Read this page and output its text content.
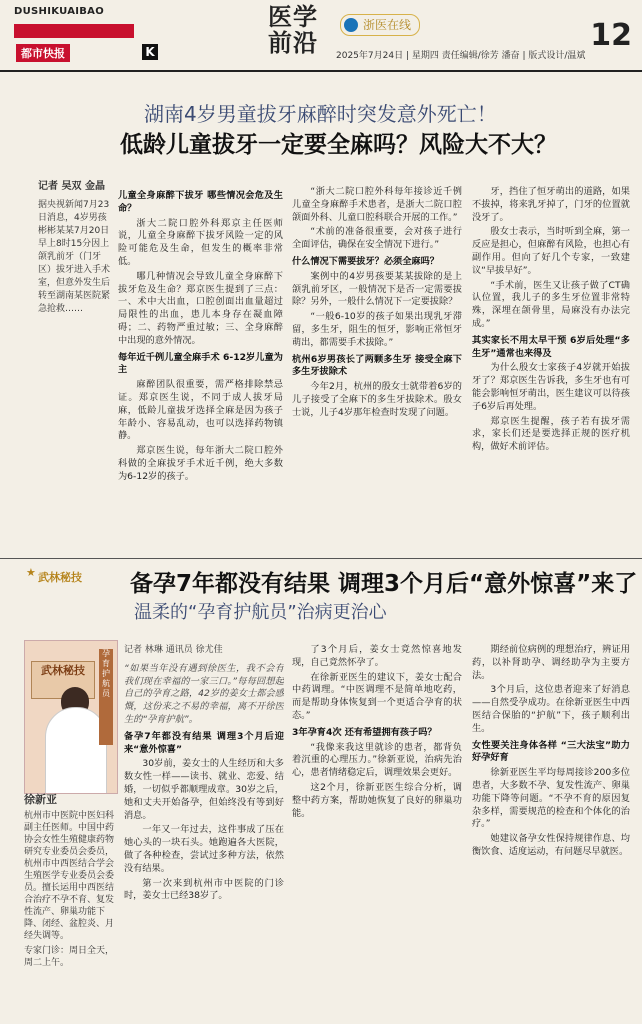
DUSHIKUAIBAO
都市快报	K
医学前沿
浙医在线
2025年7月24日 | 星期四 责任编辑/徐芳 潘奋 | 版式设计/温斌
12
湖南4岁男童拔牙麻醉时突发意外死亡！
低龄儿童拔牙一定要全麻吗？风险大不大？
记者 吴双 金晶
据央视新闻7月23日消息，4岁男孩彬彬某某7月20日早上8时15分因上颌乳前牙（门牙区）拔牙进入手术室，但意外发生后转至湖南某医院紧急抢救……
儿童全身麻醉下拔牙 哪些情况会危及生命？
浙大二院口腔外科郑京主任医师说，儿童全身麻醉下拔牙风险一定的风险可能危及生命，但发生的概率非常低。
哪几种情况会导致儿童全身麻醉下拔牙危及生命？郑京医生提到了三点：一、术中大出血，口腔创面出血量超过局限性的出血，患儿本身存在凝血障碍；二、药物严重过敏；三、全身麻醉中出现的意外情况。
每年近千例儿童全麻手术 6-12岁儿童为主
麻醉团队很重要，需严格排除禁忌证。郑京医生说，不同于成人拔牙局麻，低龄儿童拔牙选择全麻是因为孩子年龄小、容易乱动，也可以选择药物镇静。
郑京医生说，每年浙大二院口腔外科做的全麻拔牙手术近千例，绝大多数为6-12岁的孩子。
“浙大二院口腔外科每年接诊近千例儿童全身麻醉手术患者，是浙大二院口腔颌面外科、儿童口腔科联合开展的工作。”
“术前的准备很重要，会对孩子进行全面评估，确保在安全情况下进行。”
什么情况下需要拔牙？必须全麻吗？
案例中的4岁男孩要某某拔除的是上颌乳前牙区，一般情况下是否一定需要拔除？另外，一般什么情况下一定要拔除？
“一般6-10岁的孩子如果出现乳牙滞留，多生牙，阻生的恒牙，影响正常恒牙萌出，都需要手术拔除。”
杭州6岁男孩长了两颗多生牙 接受全麻下多生牙拔除术
今年2月，杭州的殷女士就带着6岁的儿子接受了全麻下的多生牙拔除术。殷女士说，儿子4岁那年检查时发现了问题。
牙，挡住了恒牙萌出的道路，如果不拔掉，将来乳牙掉了，门牙的位置就没牙了。
殷女士表示，当时听到全麻，第一反应是担心，但麻醉有风险，也担心有副作用。但向了好几个专家，一致建议“早拔早好”。
“手术前，医生又让孩子做了CT确认位置，我儿子的多生牙位置非常特殊，深埋在颌骨里，局麻没有办法完成。”
其实家长不用太早干预 6岁后处理“多生牙”通常也来得及
为什么殷女士家孩子4岁就开始拔牙了？郑京医生告诉我，多生牙也有可能会影响恒牙萌出，医生建议可以待孩子6岁后再处理。
郑京医生提醒，孩子若有拔牙需求，家长们还是要选择正规的医疗机构，做好术前评估。
★ 武林秘技 备孕7年都没有结果 调理3个月后“意外惊喜”来了
温柔的“孕育护航员”治病更治心
武林秘技
孕育护航员
徐新亚
杭州市中医院中医妇科副主任医师。中国中药协会女性生殖健康药物研究专业委员会委员，杭州市中西医结合学会生殖医学专业委员会委员。擅长运用中西医结合治疗不孕不育、复发性流产、卵巢功能下降、闭经、盆腔炎、月经失调等。
专家门诊：周日全天，周二上午。
记者 林琳 通讯员 徐尤佳
“如果当年没有遇到徐医生，我不会有我们现在幸福的一家三口。”每每回想起自己的孕育之路，42岁的姜女士都会感慨，这份来之不易的幸福，离不开徐医生的“孕育护航”。
备孕7年都没有结果 调理3个月后迎来“意外惊喜”
30岁前，姜女士的人生经历和大多数女性一样——读书、就业、恋爱、结婚，一切似乎都顺理成章。30岁之后，她和丈夫开始备孕，但始终没有等到好消息。
一年又一年过去，这件事成了压在她心头的一块石头。她跑遍各大医院，做了各种检查，尝试过多种方法，依然没有结果。
第一次来到杭州市中医院的门诊时，姜女士已经38岁了。
了3个月后，姜女士竟然惊喜地发现，自己竟然怀孕了。
在徐新亚医生的建议下，姜女士配合中药调理。“中医调理不是简单地吃药，而是帮助身体恢复到一个更适合孕育的状态。”
3年孕育4次 还有希望拥有孩子吗？
“我像来我这里就诊的患者，都背负着沉重的心理压力。”徐新亚说，治病先治心，患者情绪稳定后，调理效果会更好。
这2个月，徐新亚医生综合分析，调整中药方案，帮助她恢复了良好的卵巢功能。
期经前位病例的理想治疗，辨证用药，以补肾助孕、调经助孕为主要方法。
3个月后，这位患者迎来了好消息——自然受孕成功。在徐新亚医生中西医结合保胎的“护航”下，孩子顺利出生。
女性要关注身体各样 “三大法宝”助力好孕好育
徐新亚医生平均每周接诊200多位患者，大多数不孕、复发性流产、卵巢功能下降等问题。“不孕不育的原因复杂多样，需要规范的检查和个体化的治疗。”
她建议备孕女性保持规律作息、均衡饮食、适度运动，有问题尽早就医。
